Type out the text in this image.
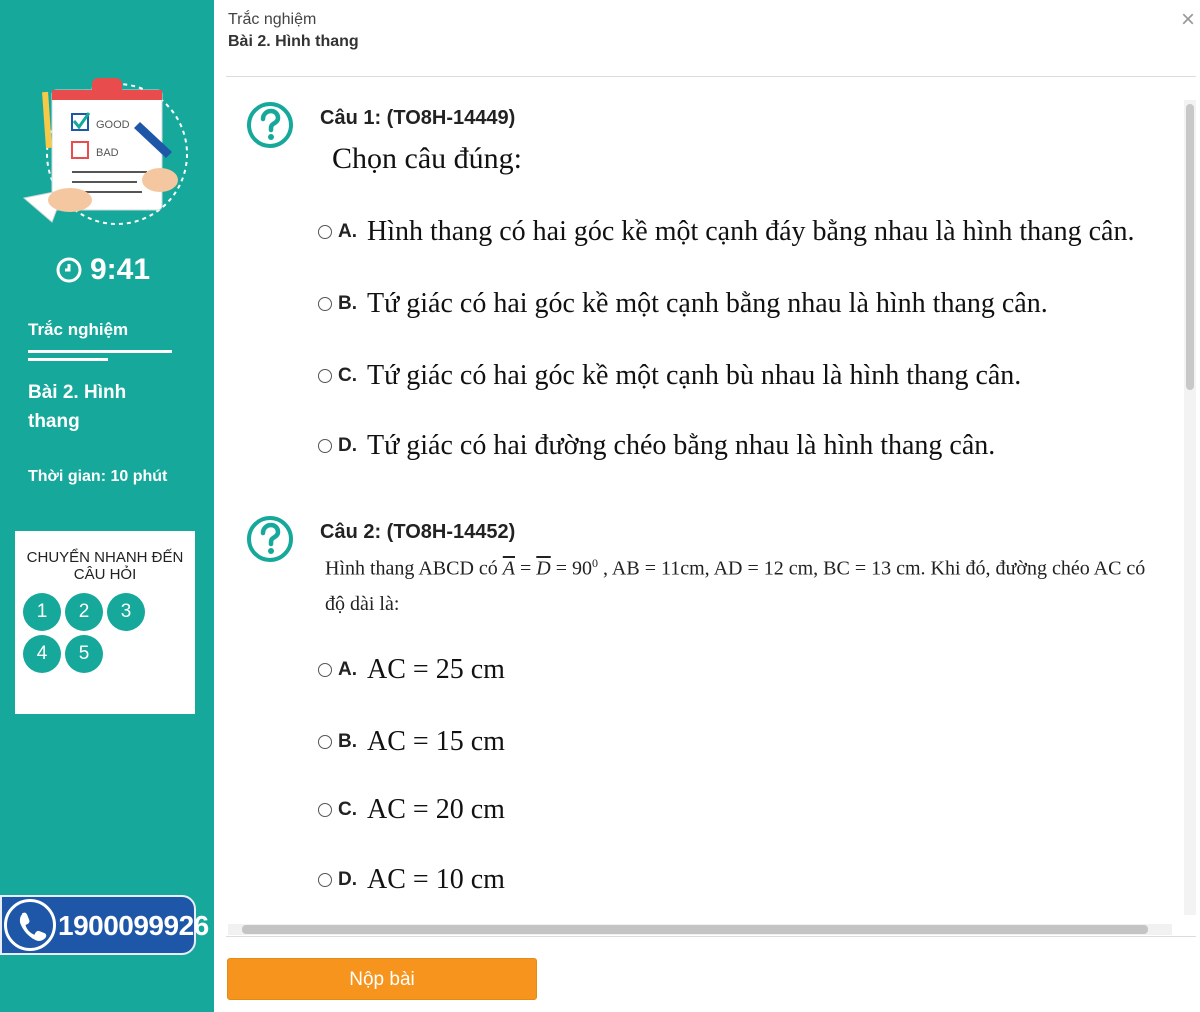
GOOD
BAD
9:41
Trắc nghiệm
Bài 2. Hình thang
Thời gian: 10 phút
CHUYỂN NHANH ĐẾN CÂU HỎI
1	2	3
4	5
1900099926
Trắc nghiệm
Bài 2. Hình thang
×
Câu 1: (TO8H-14449)
Chọn câu đúng:
A. Hình thang có hai góc kề một cạnh đáy bằng nhau là hình thang cân.
B. Tứ giác có hai góc kề một cạnh bằng nhau là hình thang cân.
C. Tứ giác có hai góc kề một cạnh bù nhau là hình thang cân.
D. Tứ giác có hai đường chéo bằng nhau là hình thang cân.
Câu 2: (TO8H-14452)
Hình thang ABCD có $\overline{A} = \overline{D} = 90^0$ , AB = 11cm, AD = 12 cm, BC = 13 cm. Khi đó, đường chéo AC có
độ dài là:
A. AC = 25 cm
B. AC = 15 cm
C. AC = 20 cm
D. AC = 10 cm
Nộp bài
